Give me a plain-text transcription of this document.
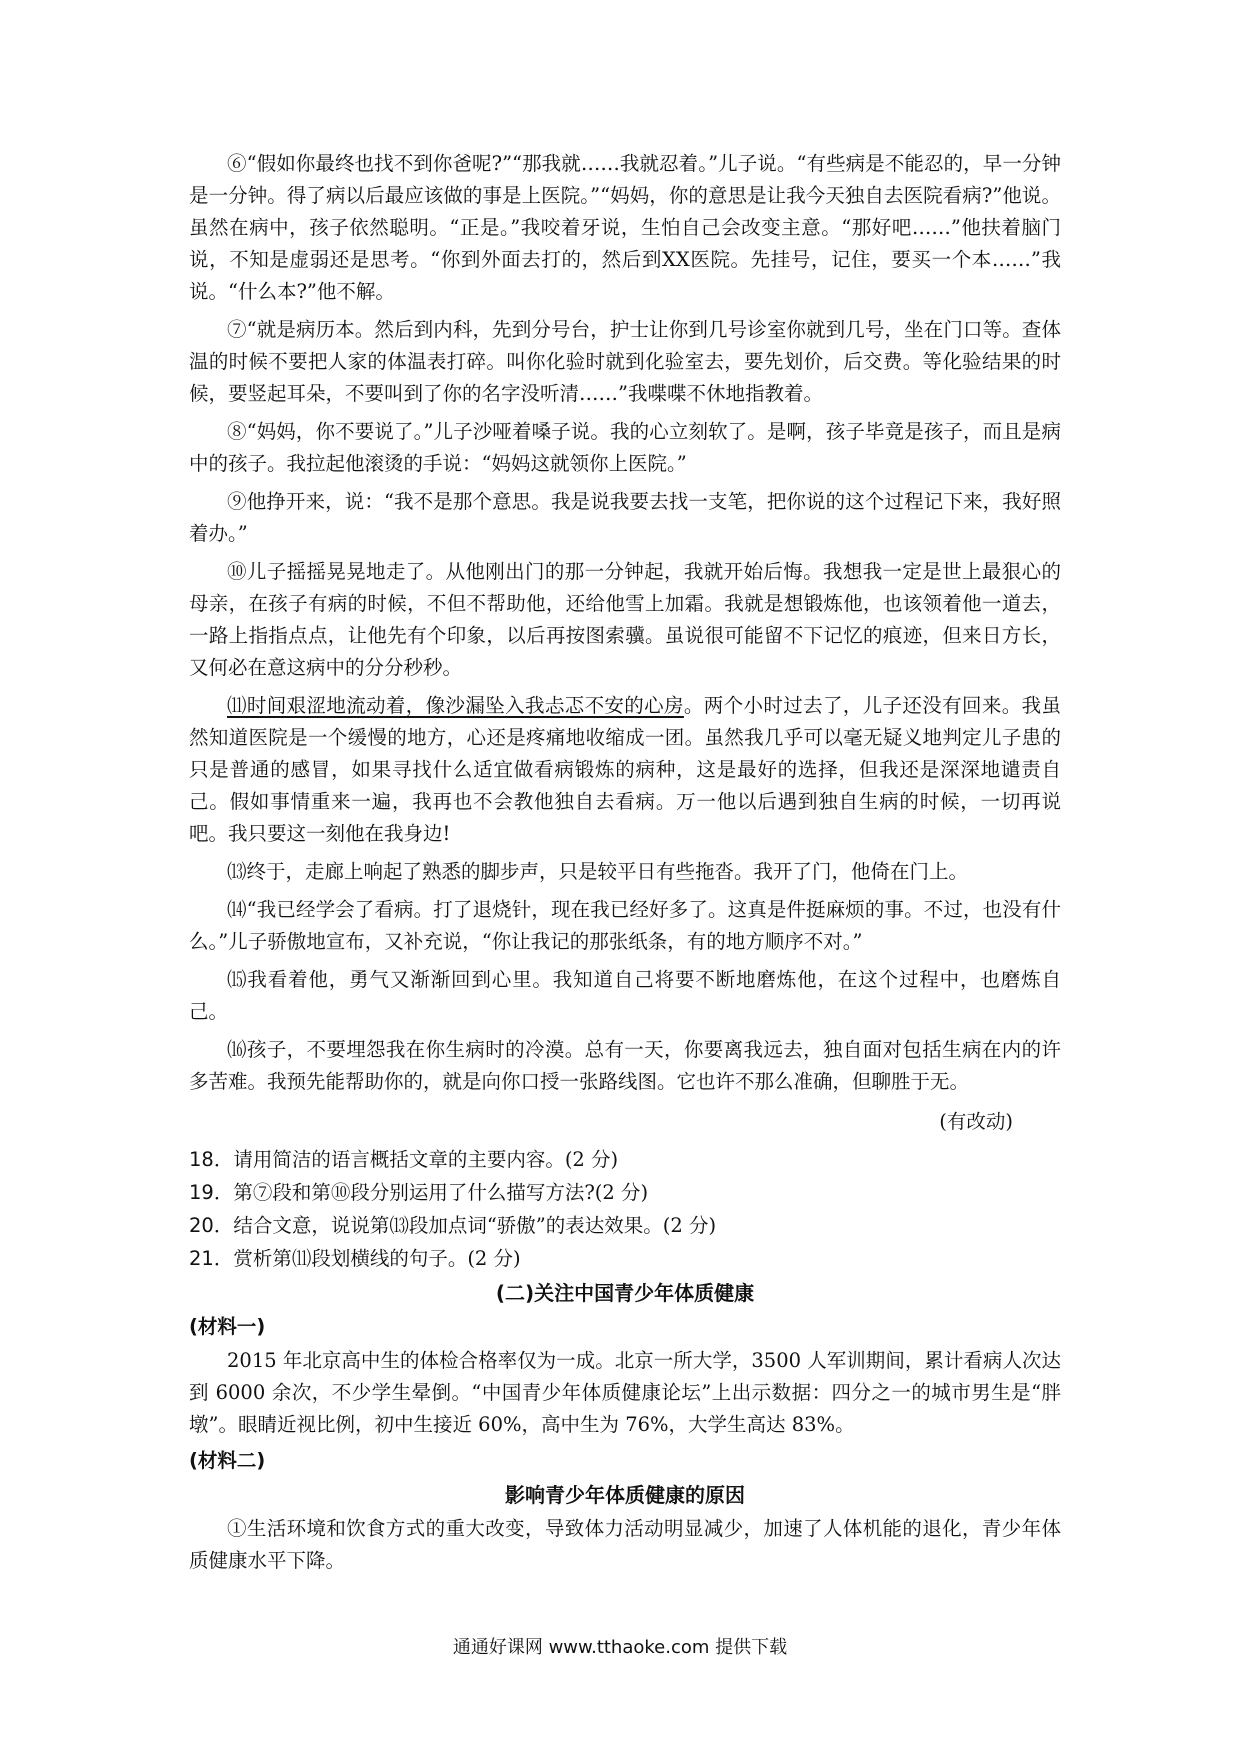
⑥“假如你最终也找不到你爸呢?”“那我就……我就忍着。”儿子说。“有些病是不能忍的，早一分钟是一分钟。得了病以后最应该做的事是上医院。”“妈妈，你的意思是让我今天独自去医院看病?”他说。虽然在病中，孩子依然聪明。“正是。”我咬着牙说，生怕自己会改变主意。“那好吧……”他扶着脑门说，不知是虚弱还是思考。“你到外面去打的，然后到XX医院。先挂号，记住，要买一个本……”我说。“什么本?”他不解。

⑦“就是病历本。然后到内科，先到分号台，护士让你到几号诊室你就到几号，坐在门口等。查体温的时候不要把人家的体温表打碎。叫你化验时就到化验室去，要先划价，后交费。等化验结果的时候，要竖起耳朵，不要叫到了你的名字没听清……”我喋喋不休地指教着。

⑧“妈妈，你不要说了。”儿子沙哑着嗓子说。我的心立刻软了。是啊，孩子毕竟是孩子，而且是病中的孩子。我拉起他滚烫的手说：“妈妈这就领你上医院。”

⑨他挣开来，说：“我不是那个意思。我是说我要去找一支笔，把你说的这个过程记下来，我好照着办。”

⑩儿子摇摇晃晃地走了。从他刚出门的那一分钟起，我就开始后悔。我想我一定是世上最狠心的母亲，在孩子有病的时候，不但不帮助他，还给他雪上加霜。我就是想锻炼他，也该领着他一道去，一路上指指点点，让他先有个印象，以后再按图索骥。虽说很可能留不下记忆的痕迹，但来日方长，又何必在意这病中的分分秒秒。

⑾时间艰涩地流动着，像沙漏坠入我忐忑不安的心房。两个小时过去了，儿子还没有回来。我虽然知道医院是一个缓慢的地方，心还是疼痛地收缩成一团。虽然我几乎可以毫无疑义地判定儿子患的只是普通的感冒，如果寻找什么适宜做看病锻炼的病种，这是最好的选择，但我还是深深地谴责自己。假如事情重来一遍，我再也不会教他独自去看病。万一他以后遇到独自生病的时候，一切再说吧。我只要这一刻他在我身边!

⒀终于，走廊上响起了熟悉的脚步声，只是较平日有些拖沓。我开了门，他倚在门上。

⒁“我已经学会了看病。打了退烧针，现在我已经好多了。这真是件挺麻烦的事。不过，也没有什么。”儿子骄傲地宣布，又补充说，“你让我记的那张纸条，有的地方顺序不对。”

⒂我看着他，勇气又渐渐回到心里。我知道自己将要不断地磨炼他，在这个过程中，也磨炼自己。

⒃孩子，不要埋怨我在你生病时的冷漠。总有一天，你要离我远去，独自面对包括生病在内的许多苦难。我预先能帮助你的，就是向你口授一张路线图。它也许不那么准确，但聊胜于无。

(有改动)

18．请用简洁的语言概括文章的主要内容。(2 分)

19．第⑦段和第⑩段分别运用了什么描写方法?(2 分)

20．结合文意，说说第⒀段加点词“骄傲”的表达效果。(2 分)

21．赏析第⑾段划横线的句子。(2 分)

(二)关注中国青少年体质健康

(材料一)

2015 年北京高中生的体检合格率仅为一成。北京一所大学，3500 人军训期间，累计看病人次达到 6000 余次，不少学生晕倒。“中国青少年体质健康论坛”上出示数据：四分之一的城市男生是“胖墩”。眼睛近视比例，初中生接近 60%，高中生为 76%，大学生高达 83%。

(材料二)

影响青少年体质健康的原因

①生活环境和饮食方式的重大改变，导致体力活动明显减少，加速了人体机能的退化，青少年体质健康水平下降。

通通好课网 www.tthaoke.com 提供下载
